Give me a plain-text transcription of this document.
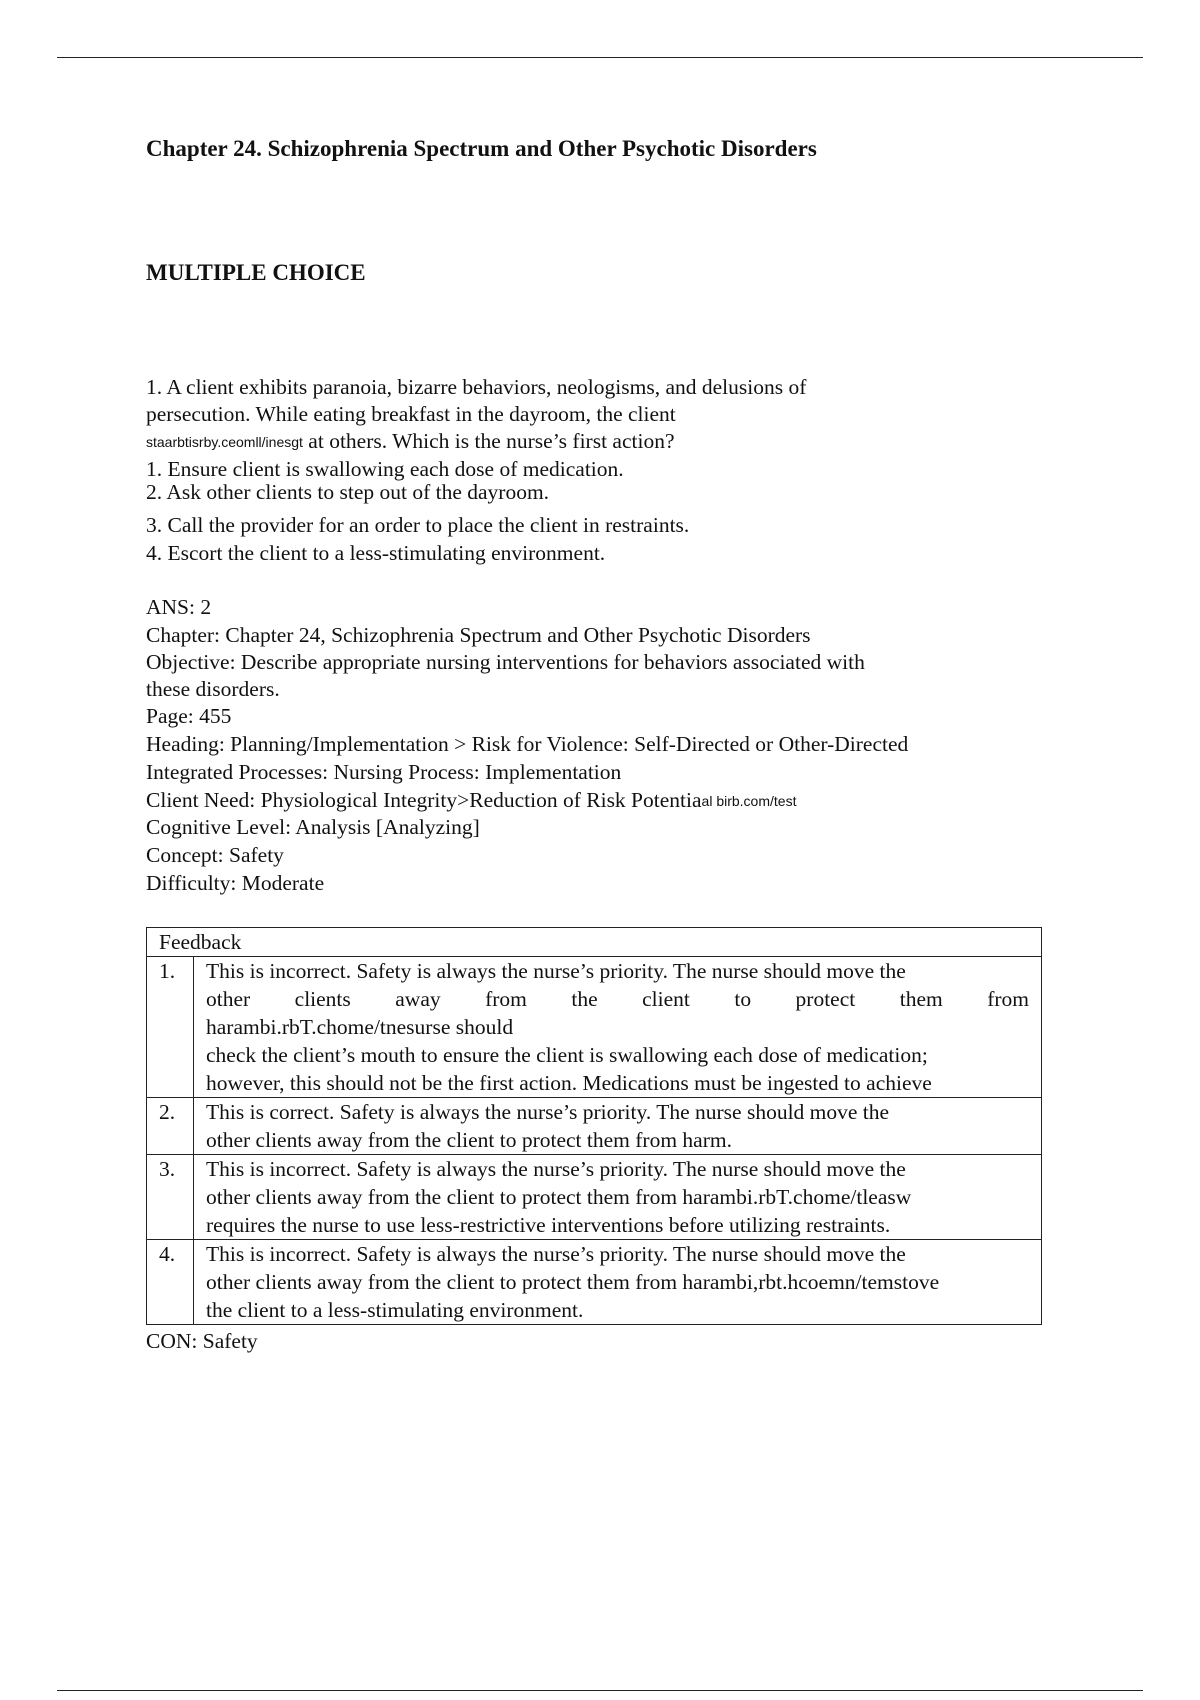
Chapter 24. Schizophrenia Spectrum and Other Psychotic Disorders
MULTIPLE CHOICE
1. A client exhibits paranoia, bizarre behaviors, neologisms, and delusions of
persecution. While eating breakfast in the dayroom, the client
staarbtisrby.ceomll/inesgt at others. Which is the nurse’s first action?
1. Ensure client is swallowing each dose of medication.
2. Ask other clients to step out of the dayroom.
3. Call the provider for an order to place the client in restraints.
4. Escort the client to a less-stimulating environment.
ANS: 2
Chapter: Chapter 24, Schizophrenia Spectrum and Other Psychotic Disorders
Objective: Describe appropriate nursing interventions for behaviors associated with
these disorders.
Page: 455
Heading: Planning/Implementation > Risk for Violence: Self-Directed or Other-Directed
Integrated Processes: Nursing Process: Implementation
Client Need: Physiological Integrity>Reduction of Risk Potentiaal birb.com/test
Cognitive Level: Analysis [Analyzing]
Concept: Safety
Difficulty: Moderate
Feedback	
1.	This is incorrect. Safety is always the nurse’s priority. The nurse should move the
other clients away from the client to protect them from
harambi.rbT.chome/tnesurse should
check the client’s mouth to ensure the client is swallowing each dose of medication;
however, this should not be the first action. Medications must be ingested to achieve

2.	This is correct. Safety is always the nurse’s priority. The nurse should move the
other clients away from the client to protect them from harm.

3.	This is incorrect. Safety is always the nurse’s priority. The nurse should move the
other clients away from the client to protect them from harambi.rbT.chome/tleasw
requires the nurse to use less-restrictive interventions before utilizing restraints.

4.	This is incorrect. Safety is always the nurse’s priority. The nurse should move the
other clients away from the client to protect them from harambi,rbt.hcoemn/temstove
the client to a less-stimulating environment.
CON: Safety
